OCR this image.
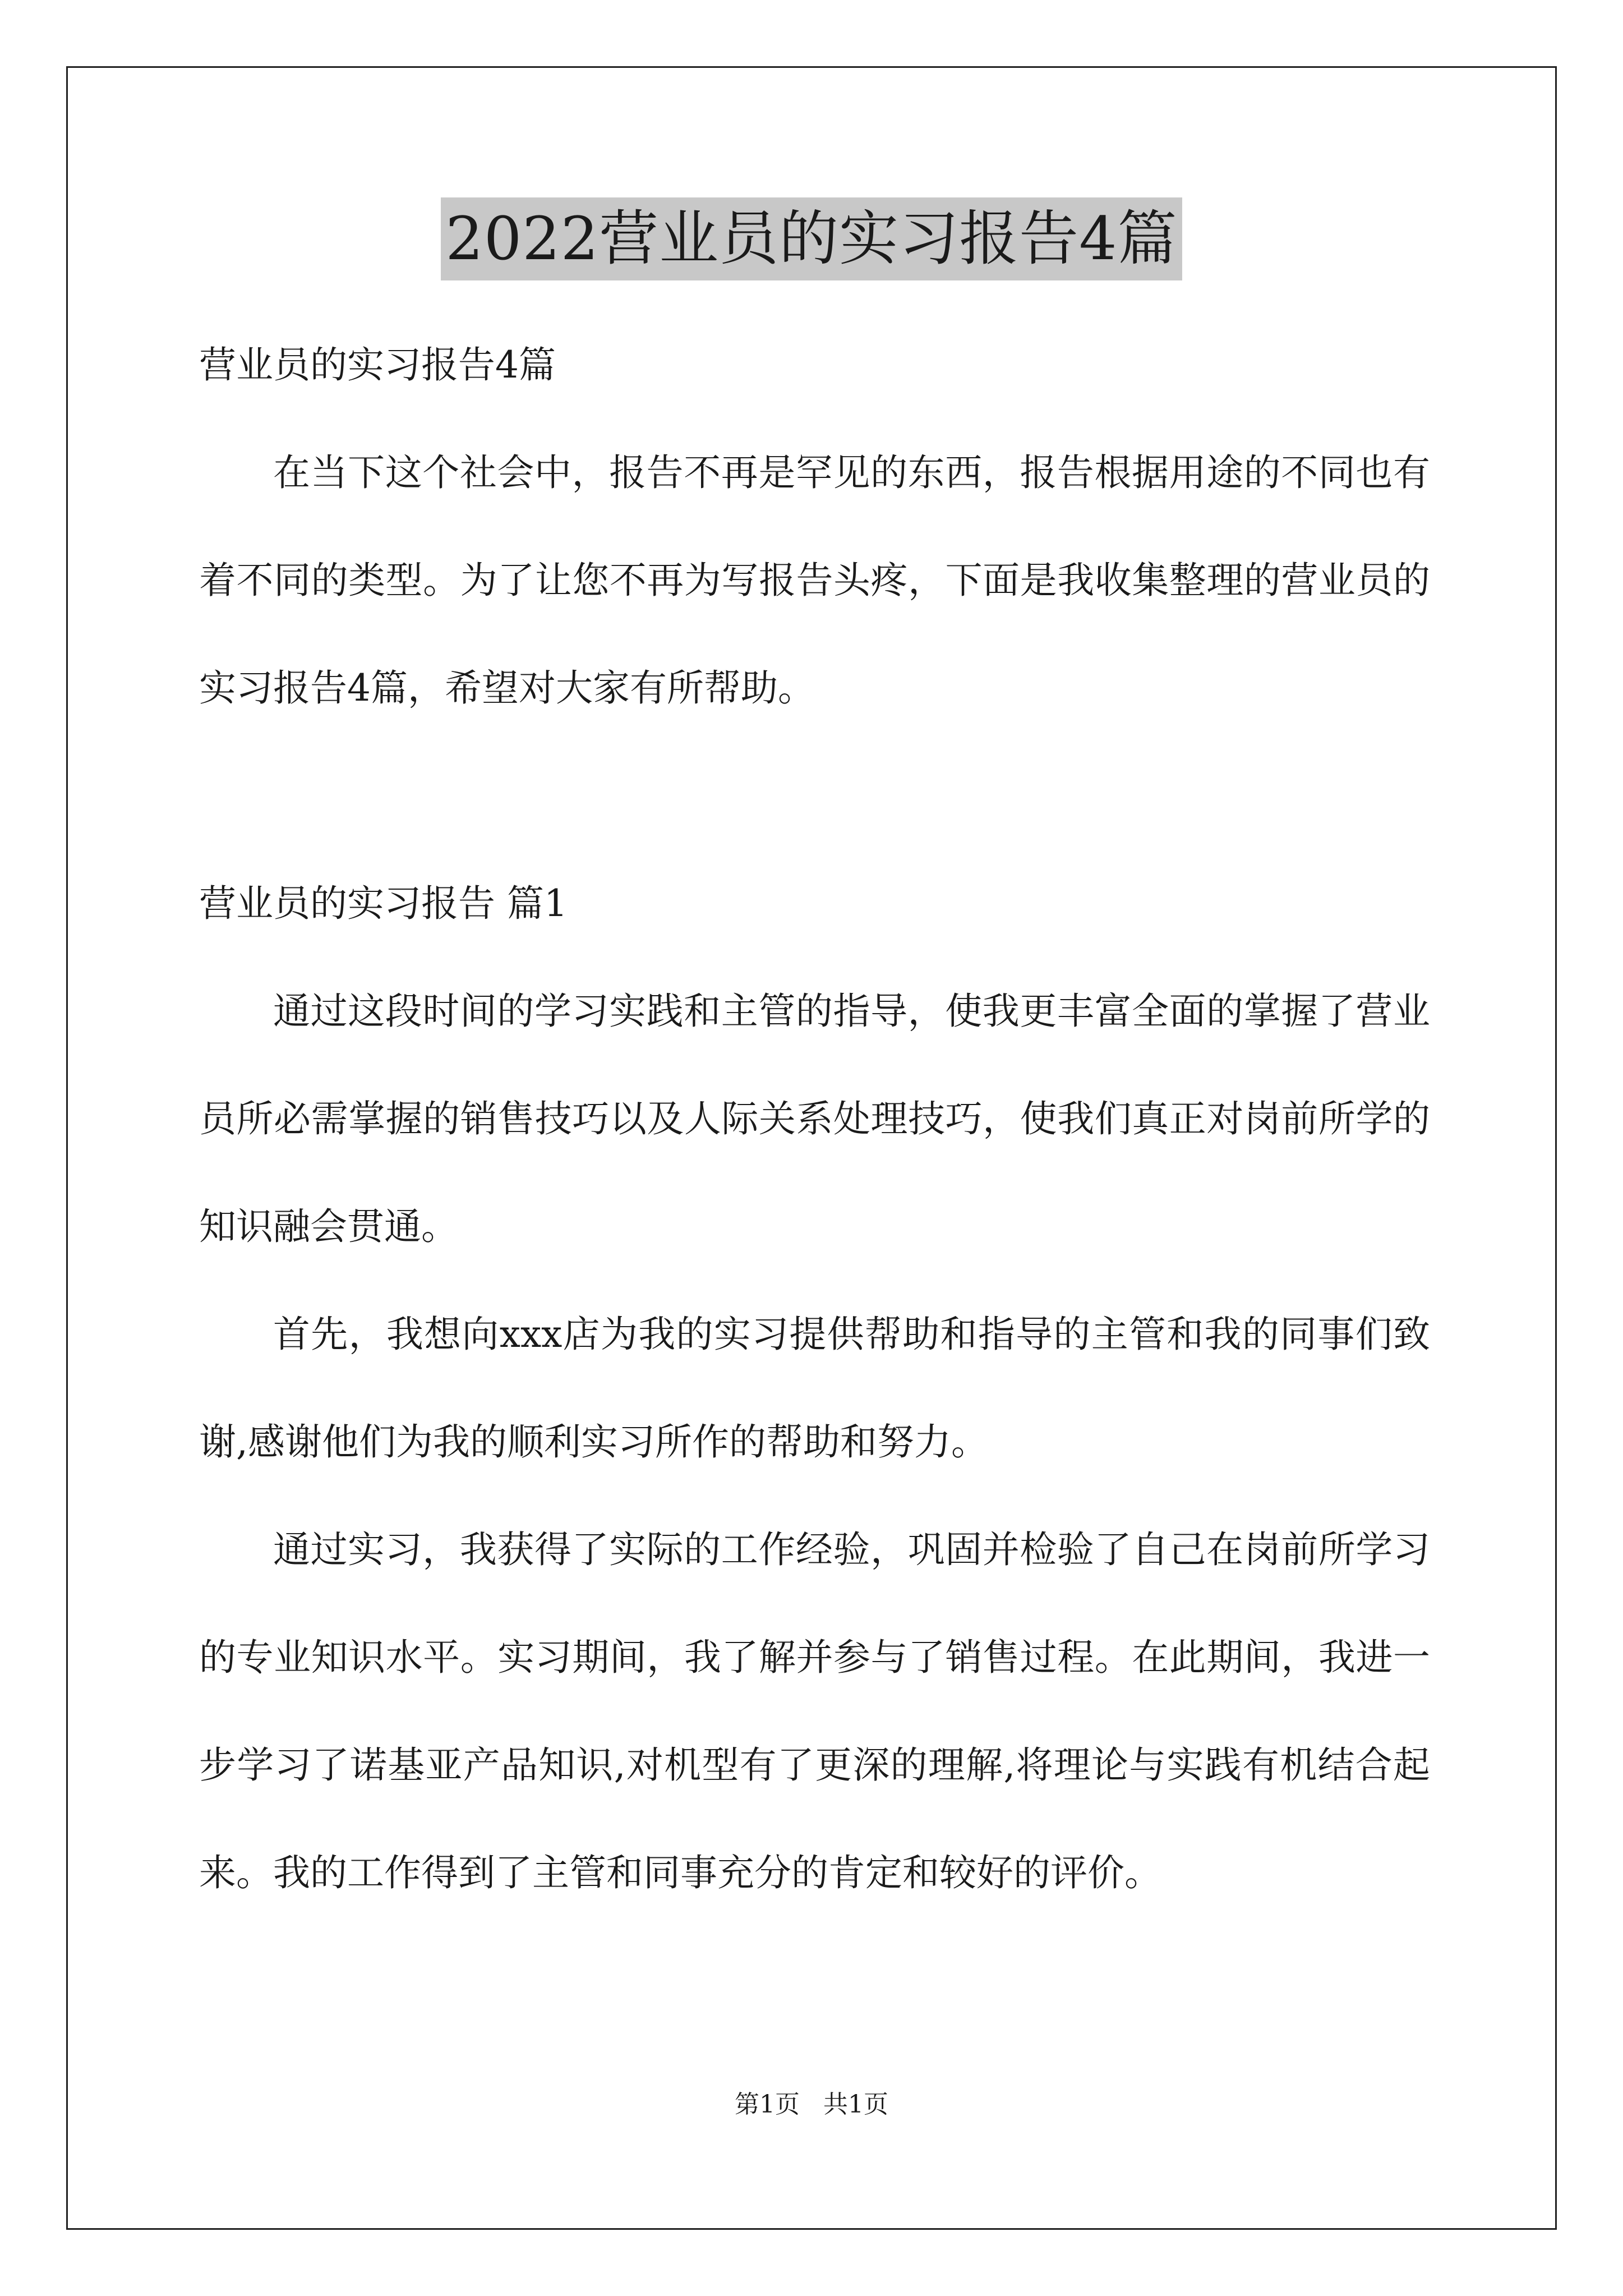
2022营业员的实习报告4篇

营业员的实习报告4篇

在当下这个社会中，报告不再是罕见的东西，报告根据用途的不同也有着不同的类型。为了让您不再为写报告头疼，下面是我收集整理的营业员的实习报告4篇，希望对大家有所帮助。

营业员的实习报告 篇1

通过这段时间的学习实践和主管的指导，使我更丰富全面的掌握了营业员所必需掌握的销售技巧以及人际关系处理技巧，使我们真正对岗前所学的知识融会贯通。

首先，我想向xxx店为我的实习提供帮助和指导的主管和我的同事们致谢,感谢他们为我的顺利实习所作的帮助和努力。

通过实习，我获得了实际的工作经验，巩固并检验了自己在岗前所学习的专业知识水平。实习期间，我了解并参与了销售过程。在此期间，我进一步学习了诺基亚产品知识,对机型有了更深的理解,将理论与实践有机结合起来。我的工作得到了主管和同事充分的肯定和较好的评价。

第1页   共1页
